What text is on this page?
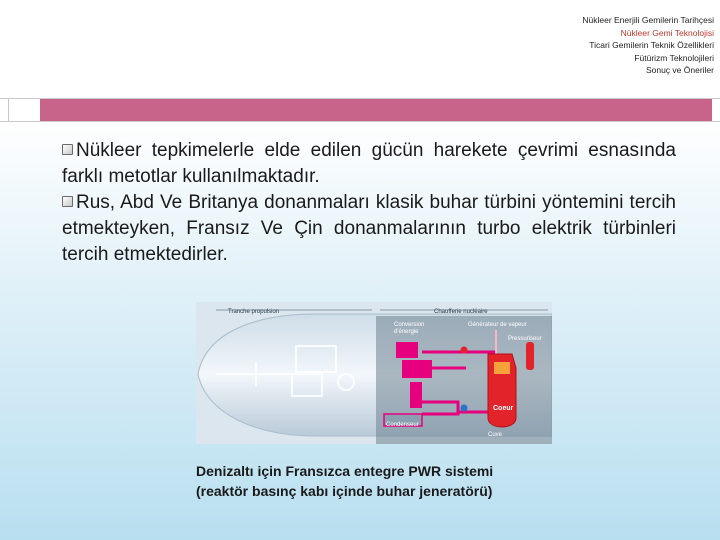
Nükleer Enerjili Gemilerin Tarihçesi
Nükleer Gemi Teknolojisi
Ticari Gemilerin Teknik Özellikleri
Fütürizm Teknolojileri
Sonuç ve Öneriler

Nükleer tepkimelerle elde edilen gücün harekete çevrimi esnasında farklı metotlar kullanılmaktadır.

Rus, Abd Ve Britanya donanmaları klasik buhar türbini yöntemini tercih etmekteyken, Fransız Ve Çin donanmalarının turbo elektrik türbinleri tercih etmektedirler.

Tranche propulsion	Chaufferie nucléaire
Conversion
d'énergie
Condenseur
Générateur de vapeur
Coeur
Pressuriseur
Cuve
Denizaltı için Fransızca entegre PWR sistemi
(reaktör basınç kabı içinde buhar jeneratörü)
